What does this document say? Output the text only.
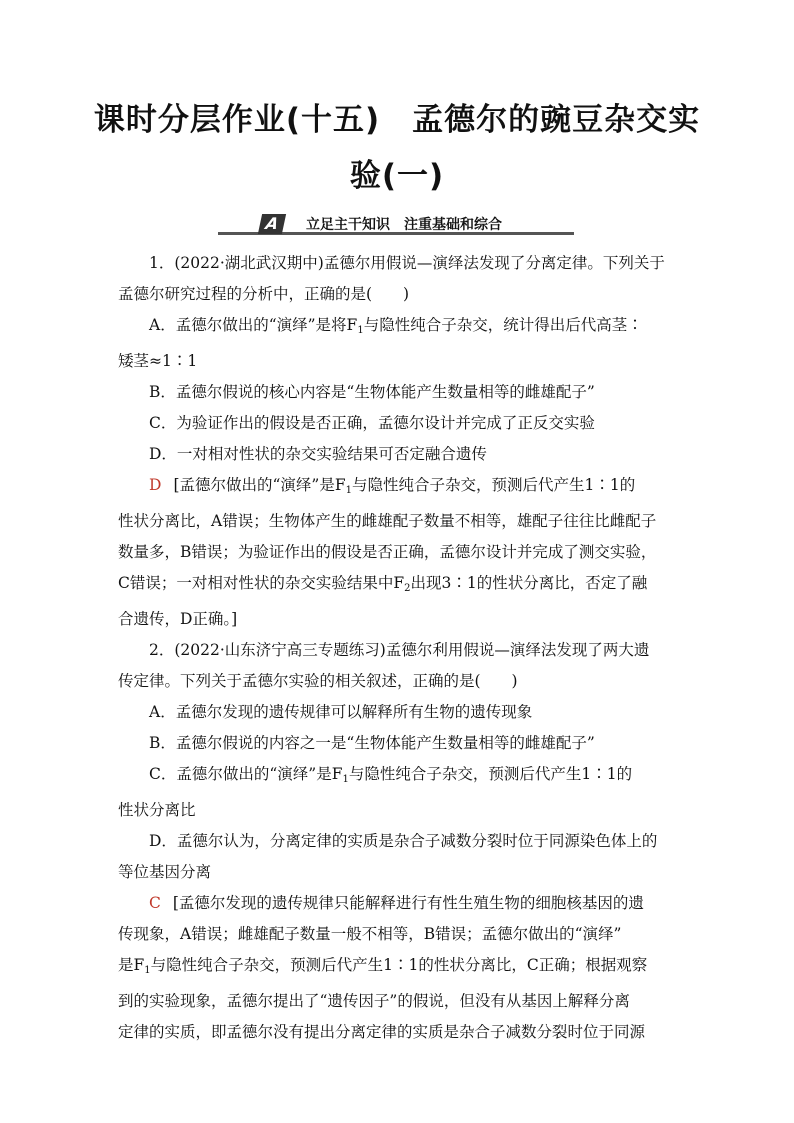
课时分层作业(十五)　孟德尔的豌豆杂交实
验(一)
A	立足主干知识　注重基础和综合

1．(2022·湖北武汉期中)孟德尔用假说—演绎法发现了分离定律。下列关于

孟德尔研究过程的分析中，正确的是(　　)

A．孟德尔做出的“演绎”是将$F_1$与隐性纯合子杂交，统计得出后代高茎∶

矮茎≈1∶1

B．孟德尔假说的核心内容是“生物体能产生数量相等的雌雄配子”

C．为验证作出的假设是否正确，孟德尔设计并完成了正反交实验

D．一对相对性状的杂交实验结果可否定融合遗传

D [孟德尔做出的“演绎”是$F_1$与隐性纯合子杂交，预测后代产生1∶1的

性状分离比，A错误；生物体产生的雌雄配子数量不相等，雄配子往往比雌配子

数量多，B错误；为验证作出的假设是否正确，孟德尔设计并完成了测交实验，

C错误；一对相对性状的杂交实验结果中$F_2$出现3∶1的性状分离比，否定了融

合遗传，D正确。]

2．(2022·山东济宁高三专题练习)孟德尔利用假说—演绎法发现了两大遗

传定律。下列关于孟德尔实验的相关叙述，正确的是(　　)

A．孟德尔发现的遗传规律可以解释所有生物的遗传现象

B．孟德尔假说的内容之一是“生物体能产生数量相等的雌雄配子”

C．孟德尔做出的“演绎”是$F_1$与隐性纯合子杂交，预测后代产生1∶1的

性状分离比

D．孟德尔认为，分离定律的实质是杂合子减数分裂时位于同源染色体上的

等位基因分离

C [孟德尔发现的遗传规律只能解释进行有性生殖生物的细胞核基因的遗

传现象，A错误；雌雄配子数量一般不相等，B错误；孟德尔做出的“演绎”

是$F_1$与隐性纯合子杂交，预测后代产生1∶1的性状分离比，C正确；根据观察

到的实验现象，孟德尔提出了“遗传因子”的假说，但没有从基因上解释分离

定律的实质，即孟德尔没有提出分离定律的实质是杂合子减数分裂时位于同源
